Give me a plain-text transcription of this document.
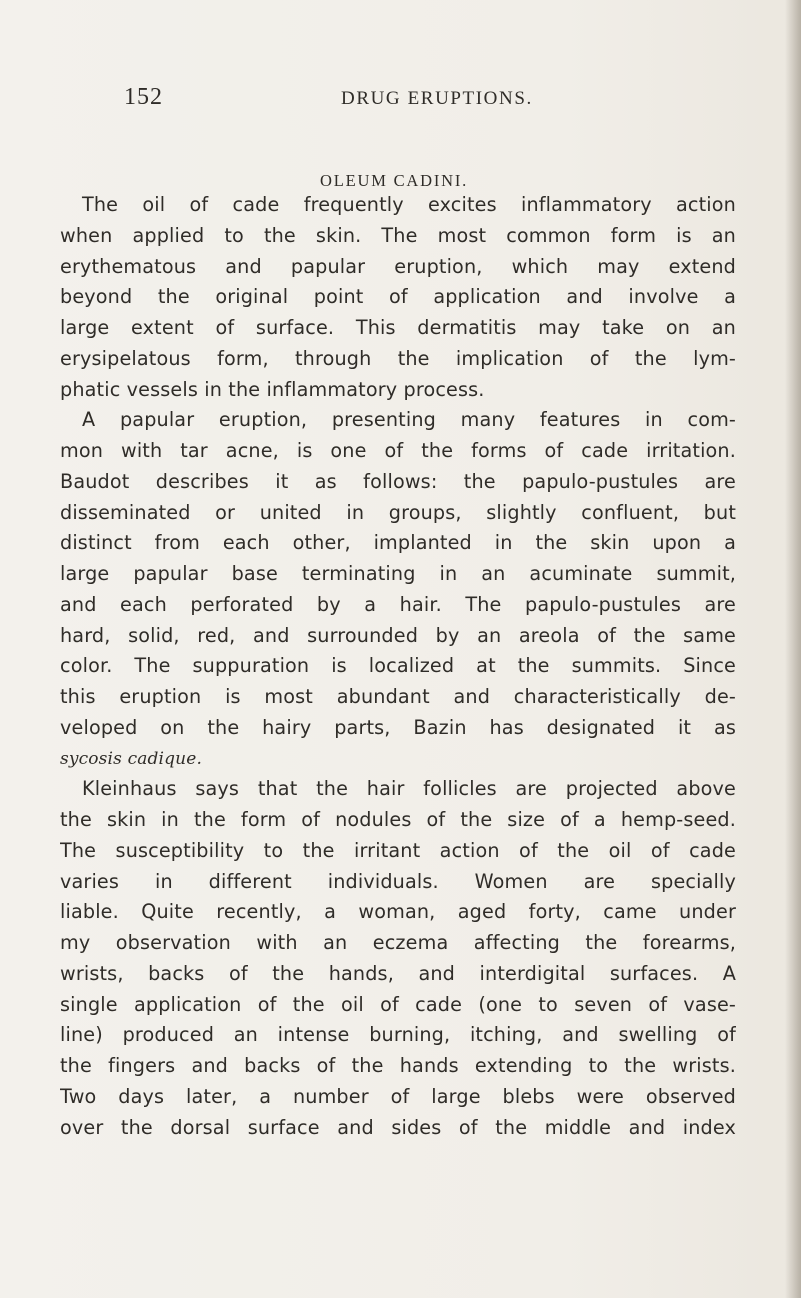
152	DRUG ERUPTIONS.
OLEUM CADINI.

The oil of cade frequently excites inflammatory action
when applied to the skin. The most common form is an
erythematous and papular eruption, which may extend
beyond the original point of application and involve a
large extent of surface. This dermatitis may take on an
erysipelatous form, through the implication of the lym-
phatic vessels in the inflammatory process.

A papular eruption, presenting many features in com-
mon with tar acne, is one of the forms of cade irritation.
Baudot describes it as follows: the papulo-pustules are
disseminated or united in groups, slightly confluent, but
distinct from each other, implanted in the skin upon a
large papular base terminating in an acuminate summit,
and each perforated by a hair. The papulo-pustules are
hard, solid, red, and surrounded by an areola of the same
color. The suppuration is localized at the summits. Since
this eruption is most abundant and characteristically de-
veloped on the hairy parts, Bazin has designated it as
sycosis cadique.

Kleinhaus says that the hair follicles are projected above
the skin in the form of nodules of the size of a hemp-seed.
The susceptibility to the irritant action of the oil of cade
varies in different individuals. Women are specially
liable. Quite recently, a woman, aged forty, came under
my observation with an eczema affecting the forearms,
wrists, backs of the hands, and interdigital surfaces. A
single application of the oil of cade (one to seven of vase-
line) produced an intense burning, itching, and swelling of
the fingers and backs of the hands extending to the wrists.
Two days later, a number of large blebs were observed
over the dorsal surface and sides of the middle and index
